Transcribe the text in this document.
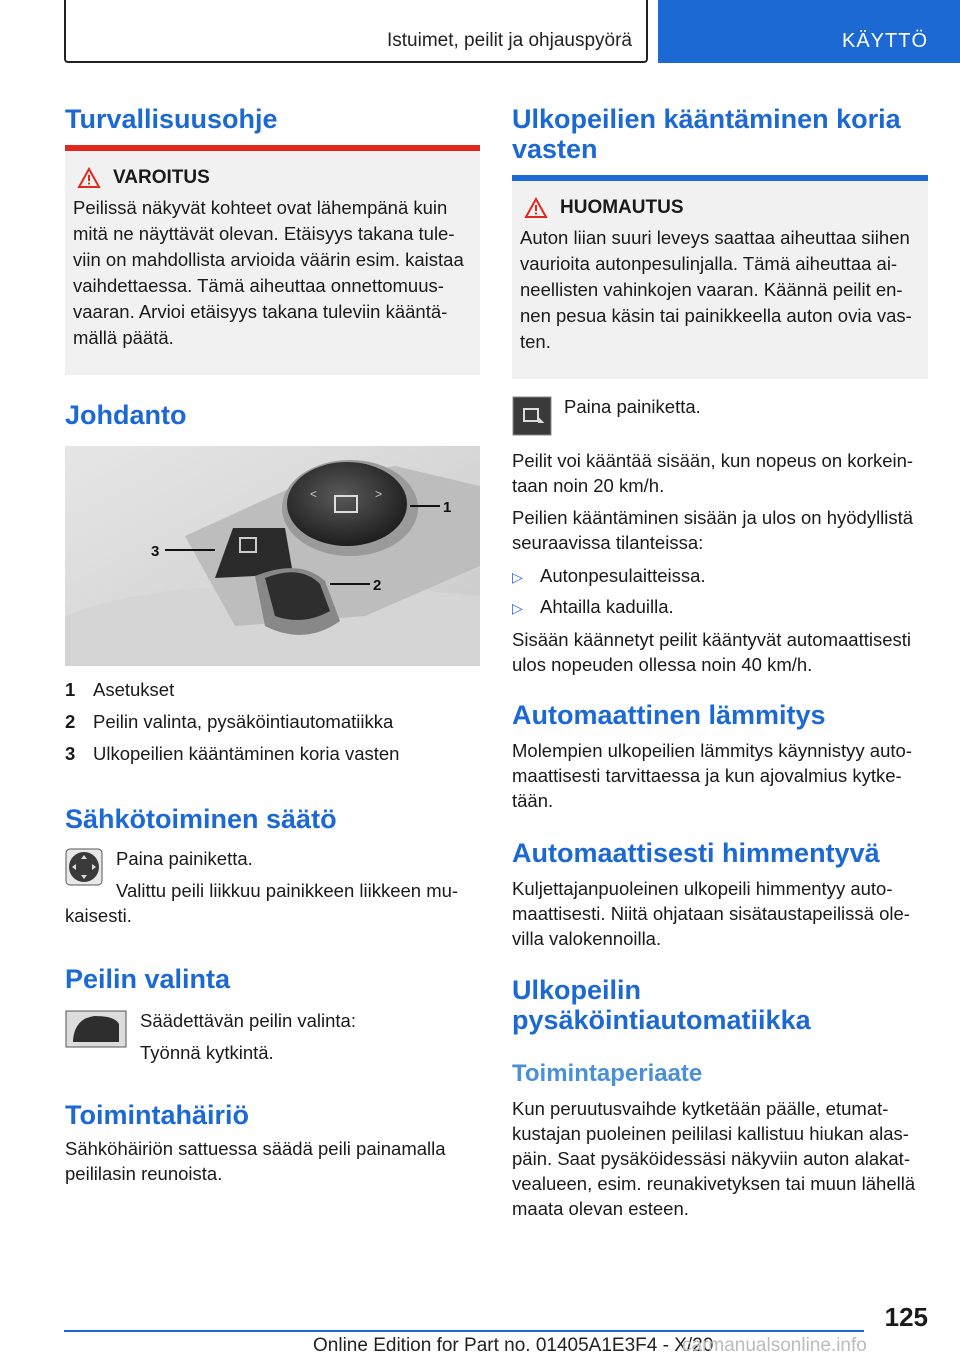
Istuimet, peilit ja ohjauspyörä	KÄYTTÖ
Turvallisuusohje
VAROITUS
Peilissä näkyvät kohteet ovat lähempänä kuin
mitä ne näyttävät olevan. Etäisyys takana tule-
viin on mahdollista arvioida väärin esim. kaistaa
vaihdettaessa. Tämä aiheuttaa onnettomuus-
vaaran. Arvioi etäisyys takana tuleviin kääntä-
mällä päätä.
Johdanto
<	>
1
2
3
1 Asetukset
2 Peilin valinta, pysäköintiautomatiikka
3 Ulkopeilien kääntäminen koria vasten
Sähkötoiminen säätö

Paina painiketta.

Valittu peili liikkuu painikkeen liikkeen mu-

kaisesti.

Peilin valinta

Säädettävän peilin valinta:

Työnnä kytkintä.

Toimintahäiriö

Sähköhäiriön sattuessa säädä peili painamalla

peililasin reunoista.

Ulkopeilien kääntäminen koria
vasten
HUOMAUTUS
Auton liian suuri leveys saattaa aiheuttaa siihen
vaurioita autonpesulinjalla. Tämä aiheuttaa ai-
neellisten vahinkojen vaaran. Käännä peilit en-
nen pesua käsin tai painikkeella auton ovia vas-
ten.

Paina painiketta.

Peilit voi kääntää sisään, kun nopeus on korkein-

taan noin 20 km/h.

Peilien kääntäminen sisään ja ulos on hyödyllistä

seuraavissa tilanteissa:

▷ Autonpesulaitteissa.
▷ Ahtailla kaduilla.

Sisään käännetyt peilit kääntyvät automaattisesti

ulos nopeuden ollessa noin 40 km/h.

Automaattinen lämmitys

Molempien ulkopeilien lämmitys käynnistyy auto-

maattisesti tarvittaessa ja kun ajovalmius kytke-

tään.

Automaattisesti himmentyvä

Kuljettajanpuoleinen ulkopeili himmentyy auto-

maattisesti. Niitä ohjataan sisätaustapeilissä ole-

villa valokennoilla.

Ulkopeilin
pysäköintiautomatiikka
Toimintaperiaate

Kun peruutusvaihde kytketään päälle, etumat-

kustajan puoleinen peililasi kallistuu hiukan alas-

päin. Saat pysäköidessäsi näkyviin auton alakat-

vealueen, esim. reunakivetyksen tai muun lähellä

maata olevan esteen.

125
Online Edition for Part no. 01405A1E3F4 - X/20
carmanualsonline.info
